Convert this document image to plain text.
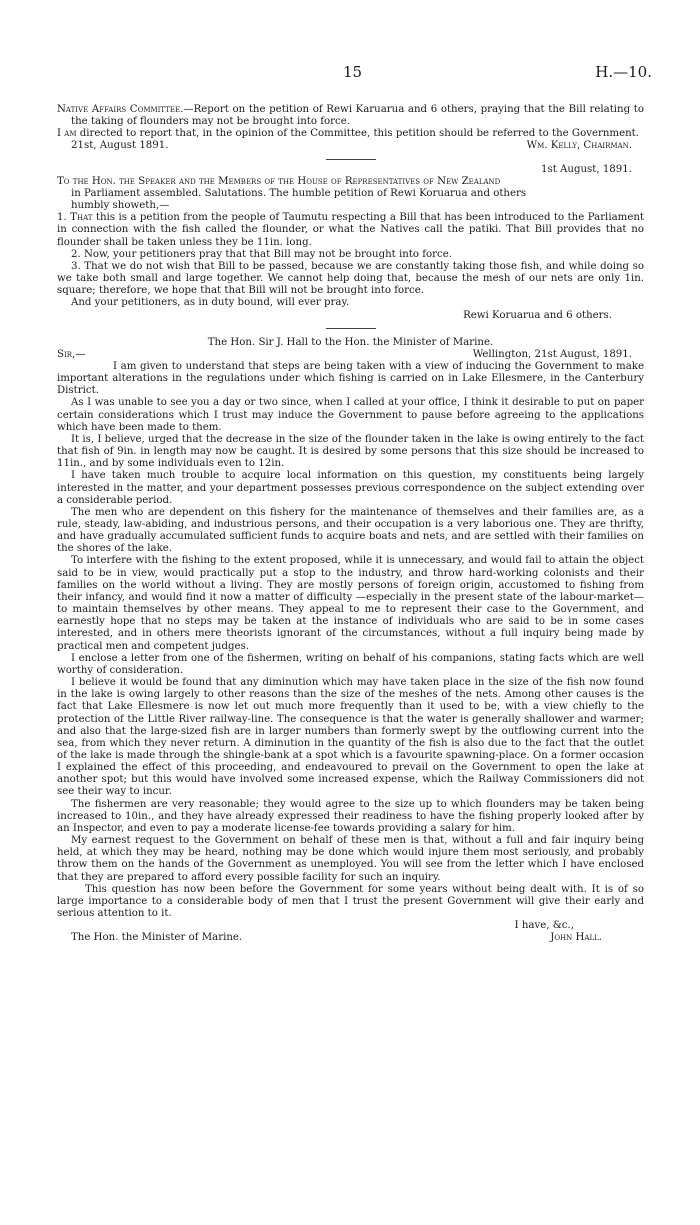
15	H.—10.

Native Affairs Committee.—Report on the petition of Rewi Karuarua and 6 others, praying that the Bill relating to the taking of flounders may not be brought into force.

I am directed to report that, in the opinion of the Committee, this petition should be referred to the Government.

21st, August 1891.	Wm. Kelly, Chairman.

1st August, 1891.

To the Hon. the Speaker and the Members of the House of Representatives of New Zealand

in Parliament assembled. Salutations. The humble petition of Rewi Koruarua and others

humbly showeth,—

1. That this is a petition from the people of Taumutu respecting a Bill that has been introduced to the Parliament in connection with the fish called the flounder, or what the Natives call the patiki. That Bill provides that no flounder shall be taken unless they be 11in. long.

2. Now, your petitioners pray that that Bill may not be brought into force.

3. That we do not wish that Bill to be passed, because we are constantly taking those fish, and while doing so we take both small and large together. We cannot help doing that, because the mesh of our nets are only 1in. square; therefore, we hope that that Bill will not be brought into force.

And your petitioners, as in duty bound, will ever pray.

Rewi Koruarua and 6 others.

The Hon. Sir J. Hall to the Hon. the Minister of Marine.

Sir,—	Wellington, 21st August, 1891.

I am given to understand that steps are being taken with a view of inducing the Government to make important alterations in the regulations under which fishing is carried on in Lake Ellesmere, in the Canterbury District.

As I was unable to see you a day or two since, when I called at your office, I think it desirable to put on paper certain considerations which I trust may induce the Government to pause before agreeing to the applications which have been made to them.

It is, I believe, urged that the decrease in the size of the flounder taken in the lake is owing entirely to the fact that fish of 9in. in length may now be caught. It is desired by some persons that this size should be increased to 11in., and by some individuals even to 12in.

I have taken much trouble to acquire local information on this question, my constituents being largely interested in the matter, and your department possesses previous correspondence on the subject extending over a considerable period.

The men who are dependent on this fishery for the maintenance of themselves and their families are, as a rule, steady, law-abiding, and industrious persons, and their occupation is a very laborious one. They are thrifty, and have gradually accumulated sufficient funds to acquire boats and nets, and are settled with their families on the shores of the lake.

To interfere with the fishing to the extent proposed, while it is unnecessary, and would fail to attain the object said to be in view, would practically put a stop to the industry, and throw hard-working colonists and their families on the world without a living. They are mostly persons of foreign origin, accustomed to fishing from their infancy, and would find it now a matter of difficulty —especially in the present state of the labour-market—to maintain themselves by other means. They appeal to me to represent their case to the Government, and earnestly hope that no steps may be taken at the instance of individuals who are said to be in some cases interested, and in others mere theorists ignorant of the circumstances, without a full inquiry being made by practical men and competent judges.

I enclose a letter from one of the fishermen, writing on behalf of his companions, stating facts which are well worthy of consideration.

I believe it would be found that any diminution which may have taken place in the size of the fish now found in the lake is owing largely to other reasons than the size of the meshes of the nets. Among other causes is the fact that Lake Ellesmere is now let out much more frequently than it used to be, with a view chiefly to the protection of the Little River railway-line. The consequence is that the water is generally shallower and warmer; and also that the large-sized fish are in larger numbers than formerly swept by the outflowing current into the sea, from which they never return. A diminution in the quantity of the fish is also due to the fact that the outlet of the lake is made through the shingle-bank at a spot which is a favourite spawning-place. On a former occasion I explained the effect of this proceeding, and endeavoured to prevail on the Government to open the lake at another spot; but this would have involved some increased expense, which the Railway Commissioners did not see their way to incur.

The fishermen are very reasonable; they would agree to the size up to which flounders may be taken being increased to 10in., and they have already expressed their readiness to have the fishing properly looked after by an Inspector, and even to pay a moderate license-fee towards providing a salary for him.

My earnest request to the Government on behalf of these men is that, without a full and fair inquiry being held, at which they may be heard, nothing may be done which would injure them most seriously, and probably throw them on the hands of the Government as unemployed. You will see from the letter which I have enclosed that they are prepared to afford every possible facility for such an inquiry.

This question has now been before the Government for some years without being dealt with. It is of so large importance to a considerable body of men that I trust the present Government will give their early and serious attention to it.

I have, &c.,

The Hon. the Minister of Marine.	John Hall.
